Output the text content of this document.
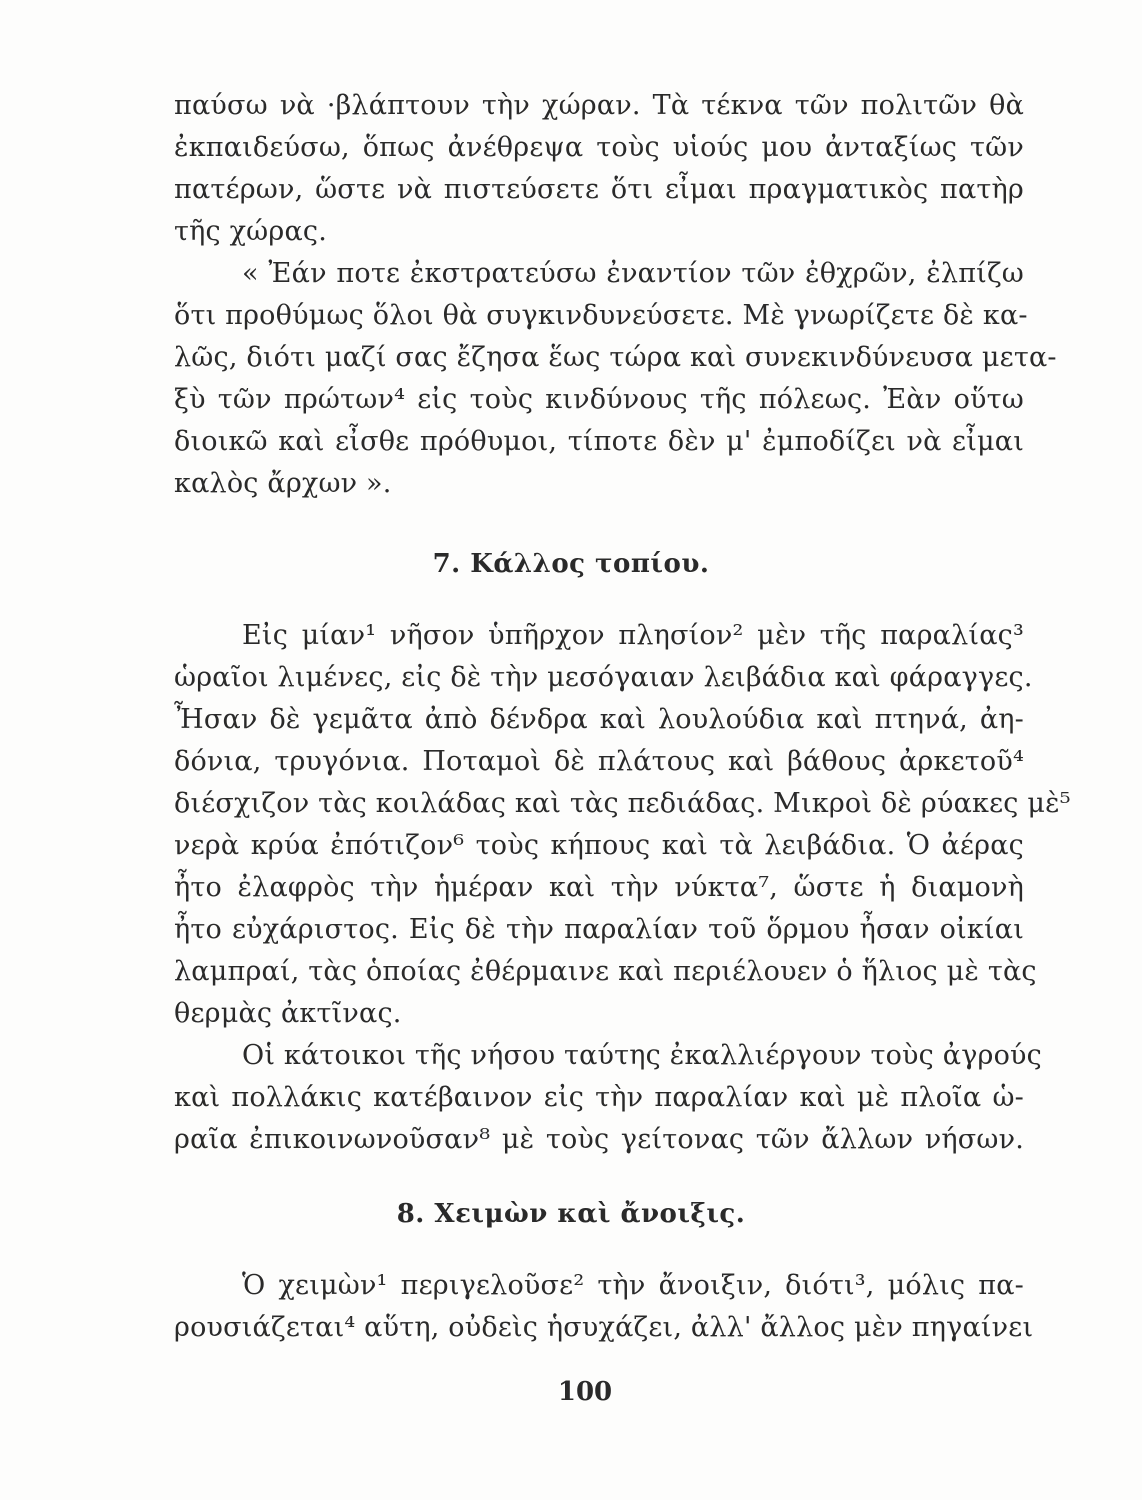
παύσω νὰ ·βλάπτουν τὴν χώραν. Τὰ τέκνα τῶν πολιτῶν θὰ
ἐκπαιδεύσω, ὅπως ἀνέθρεψα τοὺς υἱούς μου ἀνταξίως τῶν
πατέρων, ὥστε νὰ πιστεύσετε ὅτι εἶμαι πραγματικὸς πατὴρ
τῆς χώρας.
« Ἐάν ποτε ἐκστρατεύσω ἐναντίον τῶν ἐθχρῶν, ἐλπίζω
ὅτι προθύμως ὅλοι θὰ συγκινδυνεύσετε. Μὲ γνωρίζετε δὲ κα-
λῶς, διότι μαζί σας ἔζησα ἕως τώρα καὶ συνεκινδύνευσα μετα-
ξὺ τῶν πρώτων⁴ εἰς τοὺς κινδύνους τῆς πόλεως. Ἐὰν οὕτω
διοικῶ καὶ εἶσθε πρόθυμοι, τίποτε δὲν μ' ἐμποδίζει νὰ εἶμαι
καλὸς ἄρχων ».
7. Κάλλος τοπίου.
Εἰς μίαν¹ νῆσον ὑπῆρχον πλησίον² μὲν τῆς παραλίας³
ὡραῖοι λιμένες, εἰς δὲ τὴν μεσόγαιαν λειβάδια καὶ φάραγγες.
Ἦσαν δὲ γεμᾶτα ἀπὸ δένδρα καὶ λουλούδια καὶ πτηνά, ἀη-
δόνια, τρυγόνια. Ποταμοὶ δὲ πλάτους καὶ βάθους ἀρκετοῦ⁴
διέσχιζον τὰς κοιλάδας καὶ τὰς πεδιάδας. Μικροὶ δὲ ρύακες μὲ⁵
νερὰ κρύα ἐπότιζον⁶ τοὺς κήπους καὶ τὰ λειβάδια. Ὁ ἀέρας
ἦτο ἐλαφρὸς τὴν ἡμέραν καὶ τὴν νύκτα⁷, ὥστε ἡ διαμονὴ
ἦτο εὐχάριστος. Εἰς δὲ τὴν παραλίαν τοῦ ὅρμου ἦσαν οἰκίαι
λαμπραί, τὰς ὁποίας ἐθέρμαινε καὶ περιέλουεν ὁ ἥλιος μὲ τὰς
θερμὰς ἀκτῖνας.
Οἱ κάτοικοι τῆς νήσου ταύτης ἐκαλλιέργουν τοὺς ἀγρούς
καὶ πολλάκις κατέβαινον εἰς τὴν παραλίαν καὶ μὲ πλοῖα ὡ-
ραῖα ἐπικοινωνοῦσαν⁸ μὲ τοὺς γείτονας τῶν ἄλλων νήσων.
8. Χειμὼν καὶ ἄνοιξις.
Ὁ χειμὼν¹ περιγελοῦσε² τὴν ἄνοιξιν, διότι³, μόλις πα-
ρουσιάζεται⁴ αὕτη, οὐδεὶς ἡσυχάζει, ἀλλ' ἄλλος μὲν πηγαίνει
100
